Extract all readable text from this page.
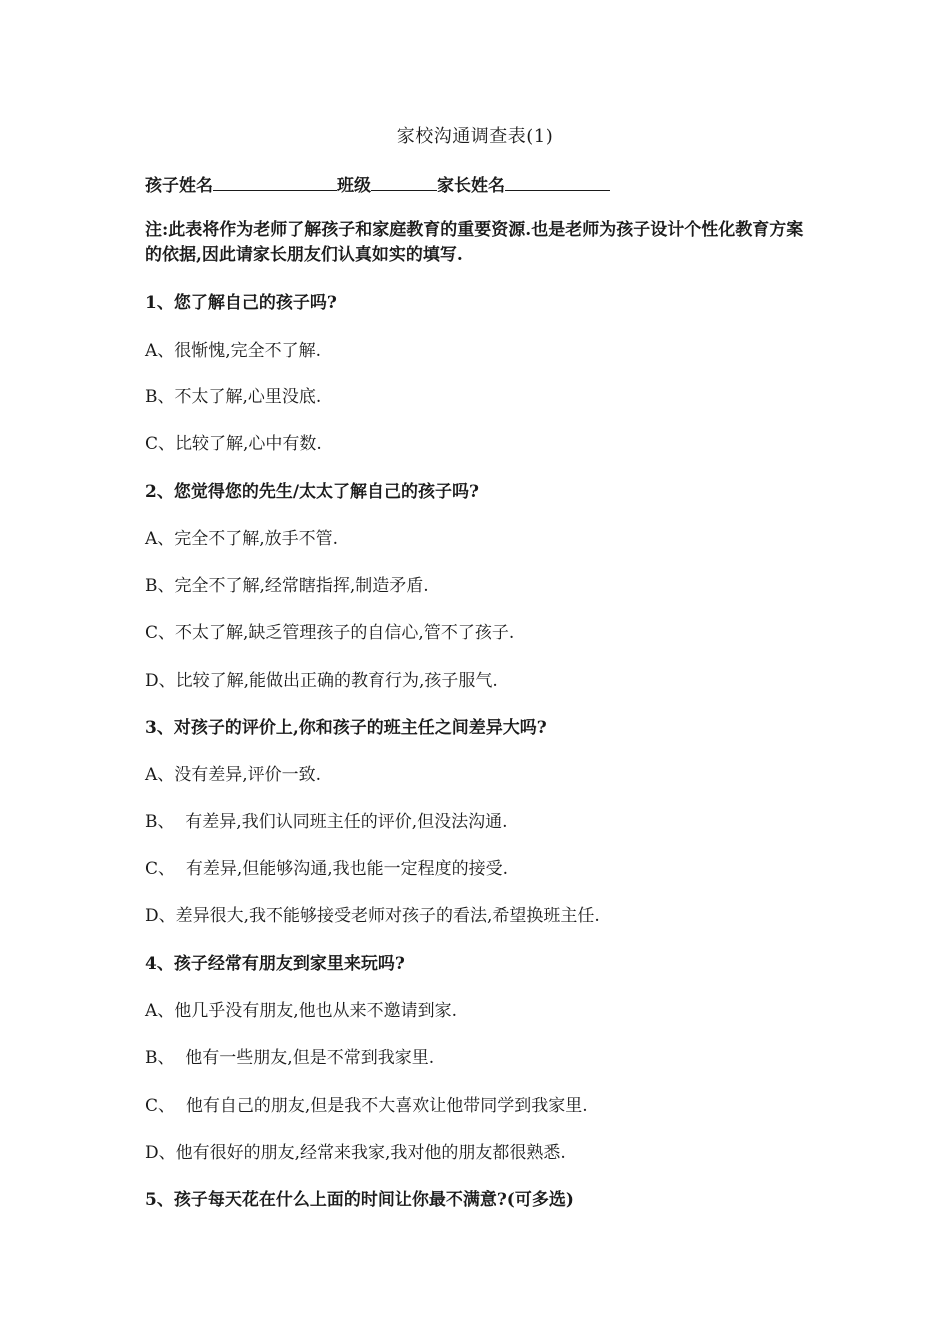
家校沟通调查表(1)
孩子姓名	班级	家长姓名
注:此表将作为老师了解孩子和家庭教育的重要资源.也是老师为孩子设计个性化教育方案的依据,因此请家长朋友们认真如实的填写.
1、您了解自己的孩子吗?
A、很惭愧,完全不了解.
B、不太了解,心里没底.
C、比较了解,心中有数.
2、您觉得您的先生/太太了解自己的孩子吗?
A、完全不了解,放手不管.
B、完全不了解,经常瞎指挥,制造矛盾.
C、不太了解,缺乏管理孩子的自信心,管不了孩子.
D、比较了解,能做出正确的教育行为,孩子服气.
3、对孩子的评价上,你和孩子的班主任之间差异大吗?
A、没有差异,评价一致.
B、  有差异,我们认同班主任的评价,但没法沟通.
C、  有差异,但能够沟通,我也能一定程度的接受.
D、差异很大,我不能够接受老师对孩子的看法,希望换班主任.
4、孩子经常有朋友到家里来玩吗?
A、他几乎没有朋友,他也从来不邀请到家.
B、  他有一些朋友,但是不常到我家里.
C、  他有自己的朋友,但是我不大喜欢让他带同学到我家里.
D、他有很好的朋友,经常来我家,我对他的朋友都很熟悉.
5、孩子每天花在什么上面的时间让你最不满意?(可多选)
